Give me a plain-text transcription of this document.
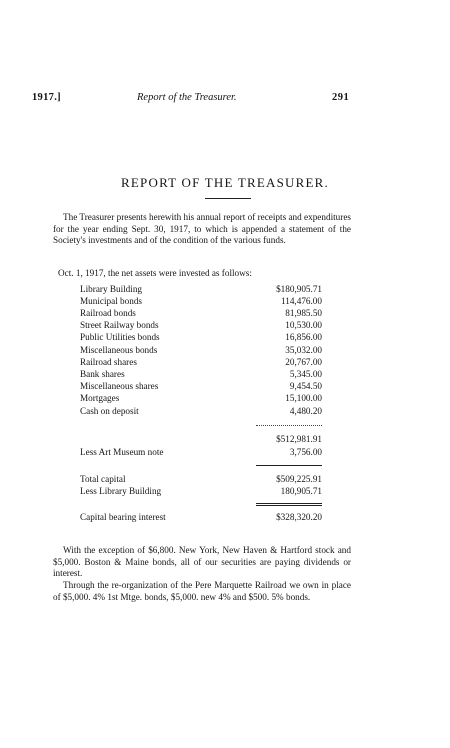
1917.]	Report of the Treasurer.	291
REPORT OF THE TREASURER.
The Treasurer presents herewith his annual report of receipts and expenditures for the year ending Sept. 30, 1917, to which is appended a statement of the Society's investments and of the condition of the various funds.
Oct. 1, 1917, the net assets were invested as follows:
Library Building	$180,905.71
Municipal bonds	114,476.00
Railroad bonds	81,985.50
Street Railway bonds	10,530.00
Public Utilities bonds	16,856.00
Miscellaneous bonds	35,032.00
Railroad shares	20,767.00
Bank shares	5,345.00
Miscellaneous shares	9,454.50
Mortgages	15,100.00
Cash on deposit	4,480.20
$512,981.91
Less Art Museum note	3,756.00
Total capital	$509,225.91
Less Library Building	180,905.71
Capital bearing interest	$328,320.20
With the exception of $6,800. New York, New Haven & Hartford stock and $5,000. Boston & Maine bonds, all of our securities are paying dividends or interest.
Through the re-organization of the Pere Marquette Railroad we own in place of $5,000. 4% 1st Mtge. bonds, $5,000. new 4% and $500. 5% bonds.
